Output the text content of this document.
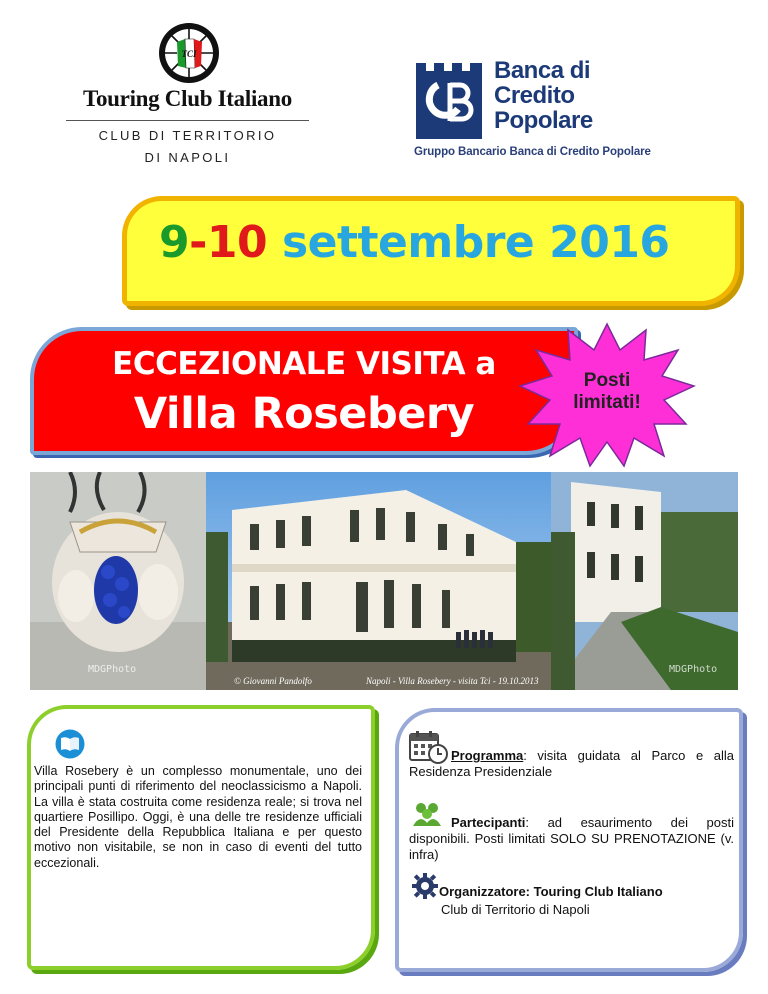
TCI
Touring Club Italiano
CLUB DI TERRITORIO
DI NAPOLI
Banca di
Credito
Popolare
Gruppo Bancario Banca di Credito Popolare
9-10 settembre 2016
ECCEZIONALE VISITA a
Villa Rosebery
Posti
limitati!
MDGPhoto
© Giovanni Pandolfo	Napoli - Villa Rosebery - visita Tci - 19.10.2013
MDGPhoto
Villa Rosebery è un complesso monumentale, uno dei principali punti di riferimento del neoclassicismo a Napoli. La villa è stata costruita come residenza reale; si trova nel quartiere Posillipo. Oggi, è una delle tre residenze ufficiali del Presidente della Repubblica Italiana e per questo motivo non visitabile, se non in caso di eventi del tutto eccezionali.
Programma: visita guidata al Parco e alla Residenza Presidenziale
Partecipanti: ad esaurimento dei posti disponibili. Posti limitati SOLO SU PRENOTAZIONE (v. infra)
Organizzatore: Touring Club Italiano
Club di Territorio di Napoli
